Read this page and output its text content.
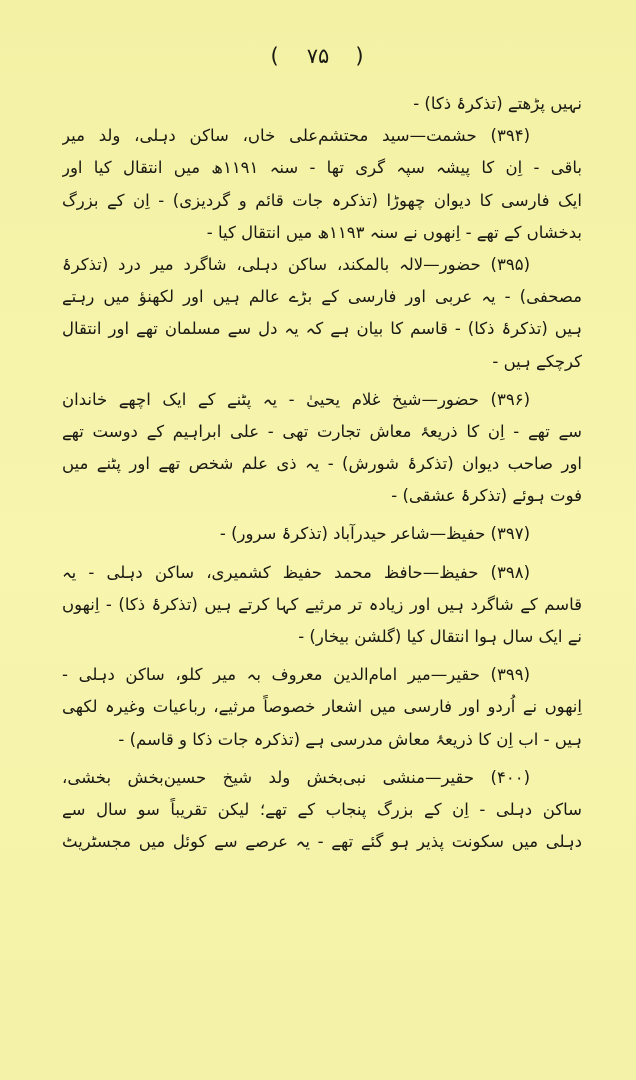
( ۷۵ )
نہیں پڑھتے (تذکرۂ ذکا) -
(۳۹۴) حشمت—سید محتشم‌علی خاں، ساکن دہلی، ولد میر
باقی - اِن کا پیشہ سپہ گری تھا - سنہ ۱۱۹۱ھ میں انتقال کیا اور
ایک فارسی کا دیوان چھوڑا (تذکرہ جات قائم و گردیزی) - اِن کے بزرگ
بدخشاں کے تھے - اِنھوں نے سنہ ۱۱۹۳ھ میں انتقال کیا -
(۳۹۵) حضور—لالہ بالمکند، ساکن دہلی، شاگرد میر درد (تذکرۂ
مصحفی) - یہ عربی اور فارسی کے بڑے عالم ہیں اور لکھنؤ میں رہتے
ہیں (تذکرۂ ذکا) - قاسم کا بیان ہے کہ یہ دل سے مسلمان تھے اور انتقال
کرچکے ہیں -
(۳۹۶) حضور—شیخ غلام یحییٰ - یہ پٹنے کے ایک اچھے خاندان
سے تھے - اِن کا ذریعۂ معاش تجارت تھی - علی ابراہیم کے دوست تھے
اور صاحب دیوان (تذکرۂ شورش) - یہ ذی علم شخص تھے اور پٹنے میں
فوت ہوئے (تذکرۂ عشقی) -
(۳۹۷) حفیظ—شاعر حیدرآباد (تذکرۂ سرور) -
(۳۹۸) حفیظ—حافظ محمد حفیظ کشمیری، ساکن دہلی - یہ
قاسم کے شاگرد ہیں اور زیادہ تر مرثیے کہا کرتے ہیں (تذکرۂ ذکا) - اِنھوں
نے ایک سال ہوا انتقال کیا (گلشن بیخار) -
(۳۹۹) حقیر—میر امام‌الدین معروف بہ میر کلو، ساکن دہلی -
اِنھوں نے اُردو اور فارسی میں اشعار خصوصاً مرثیے، رباعیات وغیرہ لکھی
ہیں - اب اِن کا ذریعۂ معاش مدرسی ہے (تذکرہ جات ذکا و قاسم) -
(۴۰۰) حقیر—منشی نبی‌بخش ولد شیخ حسین‌بخش بخشی،
ساکن دہلی - اِن کے بزرگ پنجاب کے تھے؛ لیکن تقریباً سو سال سے
دہلی میں سکونت پذیر ہو گئے تھے - یہ عرصے سے کوئل میں مجسٹریٹ
